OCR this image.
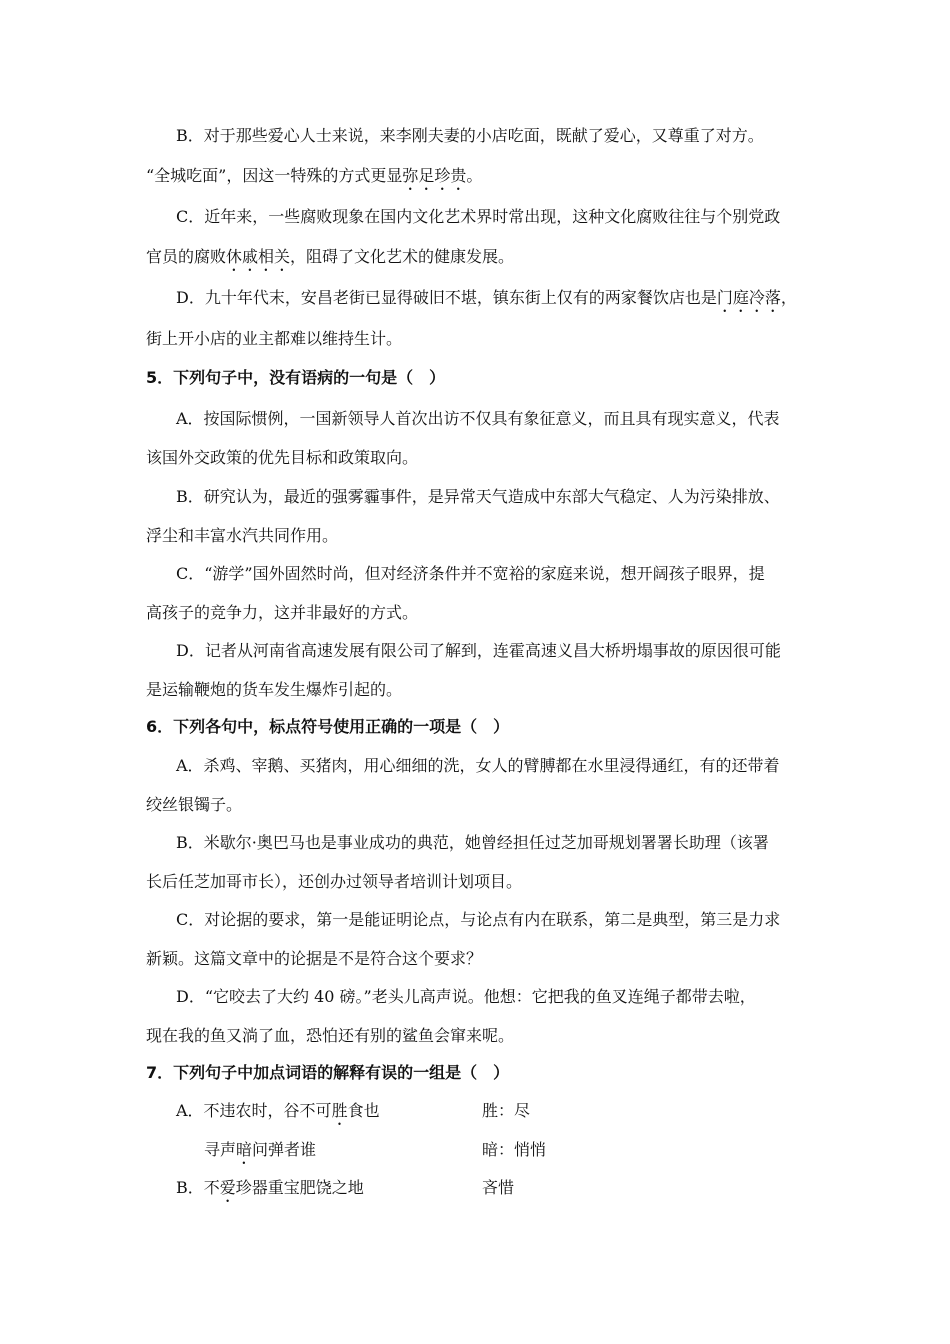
B．对于那些爱心人士来说，来李刚夫妻的小店吃面，既献了爱心，又尊重了对方。
“全城吃面”，因这一特殊的方式更显弥足珍贵。
C．近年来，一些腐败现象在国内文化艺术界时常出现，这种文化腐败往往与个别党政
官员的腐败休戚相关，阻碍了文化艺术的健康发展。
D．九十年代末，安昌老街已显得破旧不堪，镇东街上仅有的两家餐饮店也是门庭冷落，
街上开小店的业主都难以维持生计。
5．下列句子中，没有语病的一句是（　）
A．按国际惯例，一国新领导人首次出访不仅具有象征意义，而且具有现实意义，代表
该国外交政策的优先目标和政策取向。
B．研究认为，最近的强雾霾事件，是异常天气造成中东部大气稳定、人为污染排放、
浮尘和丰富水汽共同作用。
C．“游学”国外固然时尚，但对经济条件并不宽裕的家庭来说，想开阔孩子眼界，提
高孩子的竞争力，这并非最好的方式。
D．记者从河南省高速发展有限公司了解到，连霍高速义昌大桥坍塌事故的原因很可能
是运输鞭炮的货车发生爆炸引起的。
6．下列各句中，标点符号使用正确的一项是（　）
A．杀鸡、宰鹅、买猪肉，用心细细的洗，女人的臂膊都在水里浸得通红，有的还带着
绞丝银镯子。
B．米歇尔·奥巴马也是事业成功的典范，她曾经担任过芝加哥规划署署长助理（该署
长后任芝加哥市长），还创办过领导者培训计划项目。
C．对论据的要求，第一是能证明论点，与论点有内在联系，第二是典型，第三是力求
新颖。这篇文章中的论据是不是符合这个要求？
D．“它咬去了大约 40 磅。”老头儿高声说。他想：它把我的鱼叉连绳子都带去啦，
现在我的鱼又淌了血，恐怕还有别的鲨鱼会窜来呢。
7．下列句子中加点词语的解释有误的一组是（　）
A．不违农时，谷不可胜食也	胜：尽
寻声暗问弹者谁	暗：悄悄
B．不爱珍器重宝肥饶之地	吝惜
